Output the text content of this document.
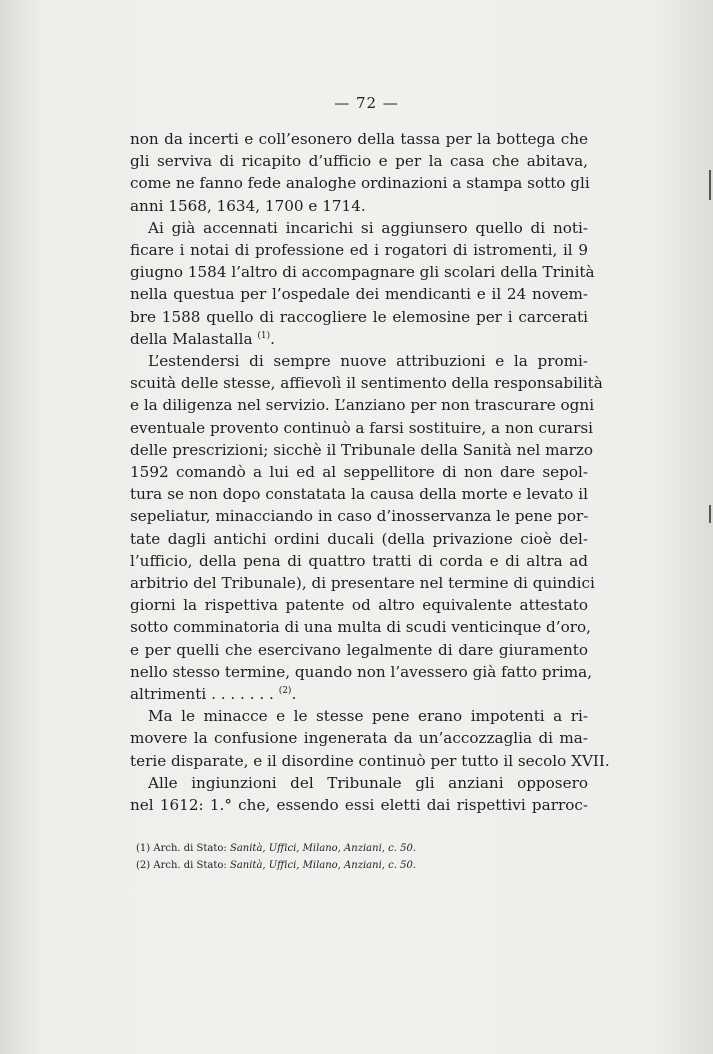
— 72 —

non da incerti e coll’esonero della tassa per la bottega che
gli serviva di ricapito d’ufficio e per la casa che abitava,
come ne fanno fede analoghe ordinazioni a stampa sotto gli
anni 1568, 1634, 1700 e 1714.

Ai già accennati incarichi si aggiunsero quello di noti-
ficare i notai di professione ed i rogatori di istromenti, il 9
giugno 1584 l’altro di accompagnare gli scolari della Trinità
nella questua per l’ospedale dei mendicanti e il 24 novem-
bre 1588 quello di raccogliere le elemosine per i carcerati
della Malastalla $^{(1)}$.

L’estendersi di sempre nuove attribuzioni e la promi-
scuità delle stesse, affievolì il sentimento della responsabilità
e la diligenza nel servizio. L’anziano per non trascurare ogni
eventuale provento continuò a farsi sostituire, a non curarsi
delle prescrizioni; sicchè il Tribunale della Sanità nel marzo
1592 comandò a lui ed al seppellitore di non dare sepol-
tura se non dopo constatata la causa della morte e levato il
sepeliatur, minacciando in caso d’inosservanza le pene por-
tate dagli antichi ordini ducali (della privazione cioè del-
l’ufficio, della pena di quattro tratti di corda e di altra ad
arbitrio del Tribunale), di presentare nel termine di quindici
giorni la rispettiva patente od altro equivalente attestato
sotto comminatoria di una multa di scudi venticinque d’oro,
e per quelli che esercivano legalmente di dare giuramento
nello stesso termine, quando non l’avessero già fatto prima,
altrimenti . . . . . . . $^{(2)}$.

Ma le minacce e le stesse pene erano impotenti a ri-
movere la confusione ingenerata da un’accozzaglia di ma-
terie disparate, e il disordine continuò per tutto il secolo XVII.

Alle ingiunzioni del Tribunale gli anziani opposero
nel 1612: 1.° che, essendo essi eletti dai rispettivi parroc-

(1) Arch. di Stato: Sanità, Uffici, Milano, Anziani, c. 50.
(2) Arch. di Stato: Sanità, Uffici, Milano, Anziani, c. 50.
